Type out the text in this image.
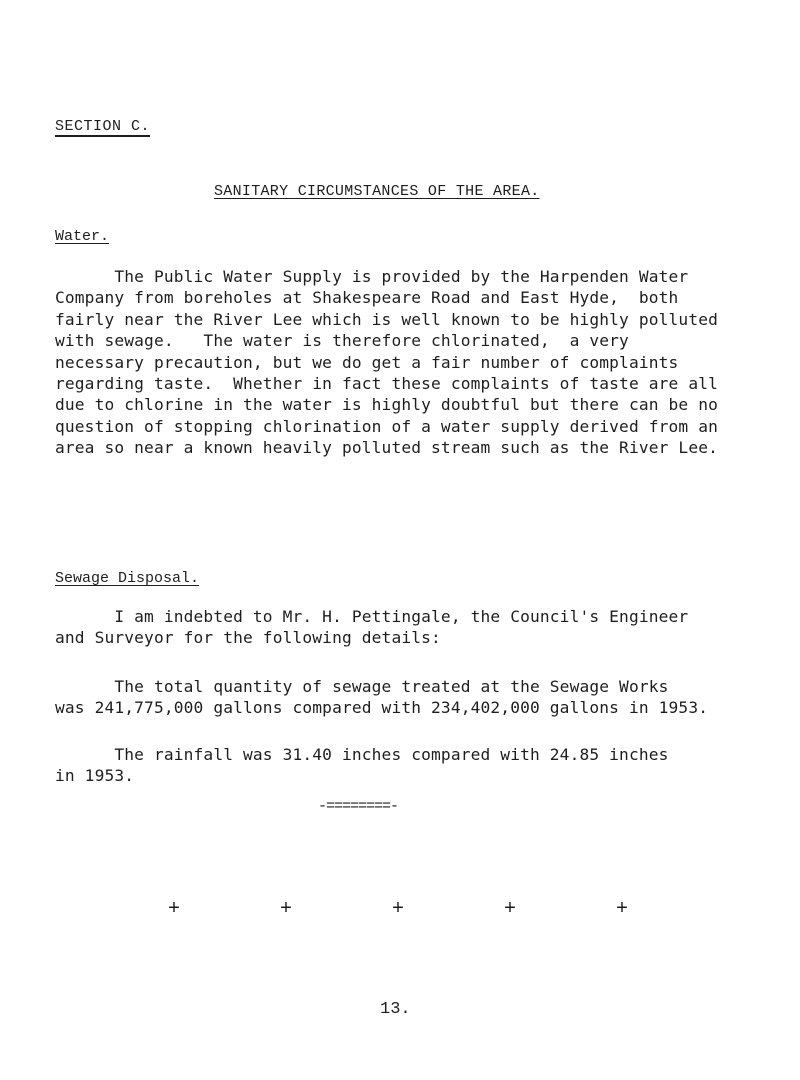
SECTION C.
SANITARY CIRCUMSTANCES OF THE AREA.
Water.
The Public Water Supply is provided by the Harpenden Water
Company from boreholes at Shakespeare Road and East Hyde,  both
fairly near the River Lee which is well known to be highly polluted
with sewage.   The water is therefore chlorinated,  a very
necessary precaution, but we do get a fair number of complaints
regarding taste.  Whether in fact these complaints of taste are all
due to chlorine in the water is highly doubtful but there can be no
question of stopping chlorination of a water supply derived from an
area so near a known heavily polluted stream such as the River Lee.
Sewage Disposal.
I am indebted to Mr. H. Pettingale, the Council's Engineer
and Surveyor for the following details:
The total quantity of sewage treated at the Sewage Works
was 241,775,000 gallons compared with 234,402,000 gallons in 1953.
The rainfall was 31.40 inches compared with 24.85 inches
in 1953.
-========-
+	+	+	+	+
13.
